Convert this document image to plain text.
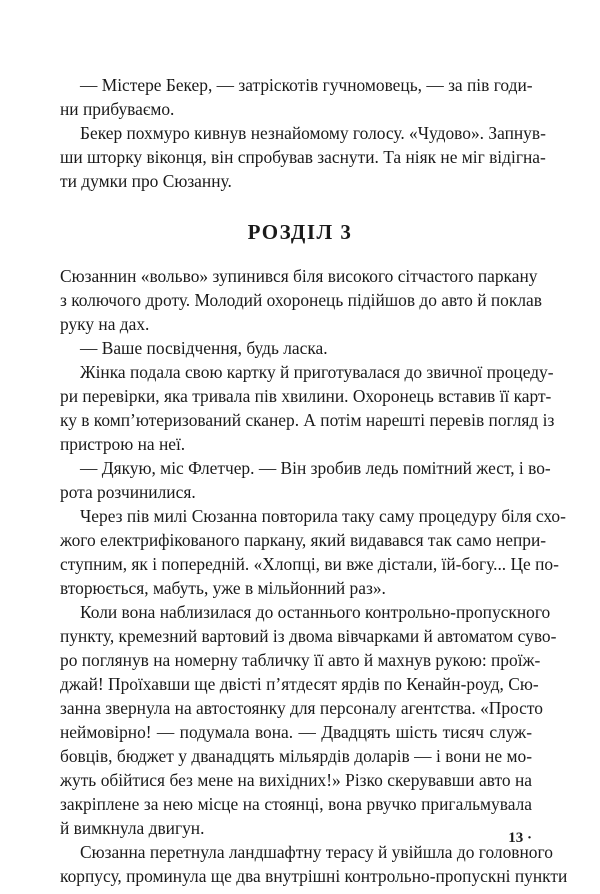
— Містере Бекер, — затріскотів гучномовець, — за пів годи-
ни прибуваємо.
Бекер похмуро кивнув незнайомому голосу. «Чудово». Запнув-
ши шторку віконця, він спробував заснути. Та ніяк не міг відігна-
ти думки про Сюзанну.
РОЗДІЛ 3
Сюзаннин «вольво» зупинився біля високого сітчастого паркану
з колючого дроту. Молодий охоронець підійшов до авто й поклав
руку на дах.
— Ваше посвідчення, будь ласка.
Жінка подала свою картку й приготувалася до звичної процеду-
ри перевірки, яка тривала пів хвилини. Охоронець вставив її карт-
ку в комп’ютеризований сканер. А потім нарешті перевів погляд із
пристрою на неї.
— Дякую, міс Флетчер. — Він зробив ледь помітний жест, і во-
рота розчинилися.
Через пів милі Сюзанна повторила таку саму процедуру біля схо-
жого електрифікованого паркану, який видавався так само непри-
ступним, як і попередній. «Хлопці, ви вже дістали, їй-богу... Це по-
вторюється, мабуть, уже в мільйонний раз».
Коли вона наблизилася до останнього контрольно-пропускного
пункту, кремезний вартовий із двома вівчарками й автоматом суво-
ро поглянув на номерну табличку її авто й махнув рукою: проїж-
джай! Проїхавши ще двісті п’ятдесят ярдів по Кенайн-роуд, Сю-
занна звернула на автостоянку для персоналу агентства. «Просто
неймовірно! — подумала вона. — Двадцять шість тисяч служ-
бовців, бюджет у дванадцять мільярдів доларів — і вони не мо-
жуть обійтися без мене на вихідних!» Різко скерувавши авто на
закріплене за нею місце на стоянці, вона рвучко пригальмувала
й вимкнула двигун.
Сюзанна перетнула ландшафтну терасу й увійшла до головного
корпусу, проминула ще два внутрішні контрольно-пропускні пункти
13 ·
